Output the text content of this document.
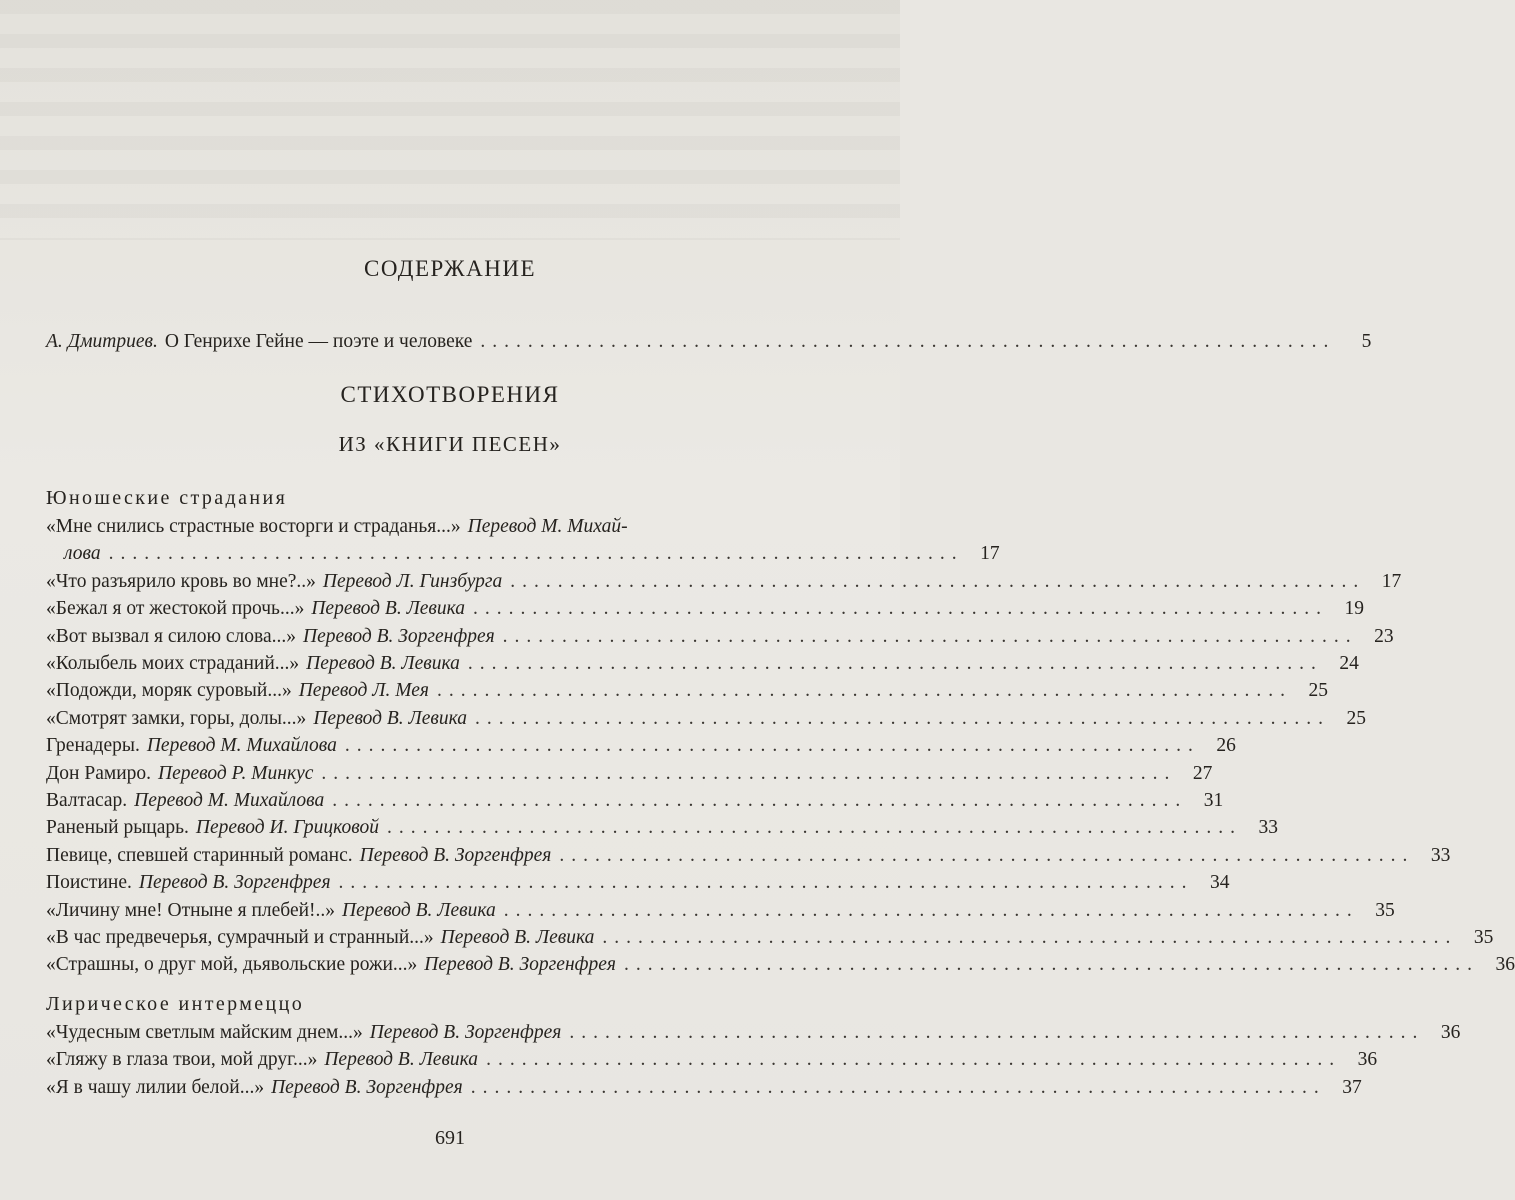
СОДЕРЖАНИЕ
А. Дмитриев. О Генрихе Гейне — поэте и человеке ........................................................................	5
СТИХОТВОРЕНИЯ
ИЗ «КНИГИ ПЕСЕН»
Юношеские страдания
«Мне снились страстные восторги и страданья...» Перевод М. Михай-
лова ........................................................................ 17
«Что разъярило кровь во мне?..» Перевод Л. Гинзбурга ........................................................................ 17
«Бежал я от жестокой прочь...» Перевод В. Левика ........................................................................ 19
«Вот вызвал я силою слова...» Перевод В. Зоргенфрея ........................................................................ 23
«Колыбель моих страданий...» Перевод В. Левика ........................................................................ 24
«Подожди, моряк суровый...» Перевод Л. Мея ........................................................................ 25
«Смотрят замки, горы, долы...» Перевод В. Левика ........................................................................ 25
Гренадеры. Перевод М. Михайлова ........................................................................ 26
Дон Рамиро. Перевод Р. Минкус ........................................................................ 27
Валтасар. Перевод М. Михайлова ........................................................................ 31
Раненый рыцарь. Перевод И. Грицковой ........................................................................ 33
Певице, спевшей старинный романс. Перевод В. Зоргенфрея ........................................................................ 33
Поистине. Перевод В. Зоргенфрея ........................................................................ 34
«Личину мне! Отныне я плебей!..» Перевод В. Левика ........................................................................ 35
«В час предвечерья, сумрачный и странный...» Перевод В. Левика ........................................................................ 35
«Страшны, о друг мой, дьявольские рожи...» Перевод В. Зоргенфрея ........................................................................ 36
Лирическое интермеццо
«Чудесным светлым майским днем...» Перевод В. Зоргенфрея ........................................................................ 36
«Гляжу в глаза твои, мой друг...» Перевод В. Левика ........................................................................ 36
«Я в чашу лилии белой...» Перевод В. Зоргенфрея ........................................................................ 37
691
